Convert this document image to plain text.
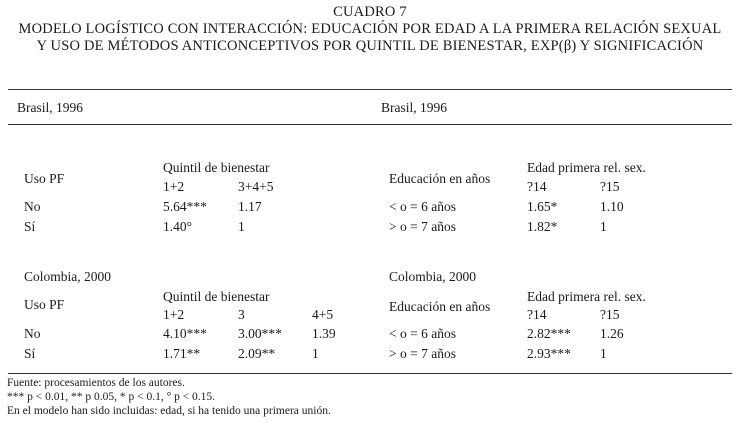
CUADRO 7
MODELO LOGÍSTICO CON INTERACCIÓN: EDUCACIÓN POR EDAD A LA PRIMERA RELACIÓN SEXUAL
Y USO DE MÉTODOS ANTICONCEPTIVOS POR QUINTIL DE BIENESTAR, EXP(β) Y SIGNIFICACIÓN
Brasil, 1996	Brasil, 1996
Quintil de bienestar
Uso PF
1+2	3+4+5
No	5.64*** 1.17
Sí	1.40°	1
Edad primera rel. sex.
Educación en años
?14	?15
< o = 6 años	1.65*	1.10
> o = 7 años	1.82*	1
Colombia, 2000	Colombia, 2000
Quintil de bienestar
Uso PF
1+2	3	4+5
No	4.10*** 3.00*** 1.39
Sí	1.71**	2.09**	1
Edad primera rel. sex.
Educación en años
?14	?15
< o = 6 años	2.82*** 1.26
> o = 7 años	2.93*** 1
Fuente: procesamientos de los autores.
*** p < 0.01, ** p 0.05, * p < 0.1, ° p < 0.15.
En el modelo han sido incluidas: edad, si ha tenido una primera unión.
